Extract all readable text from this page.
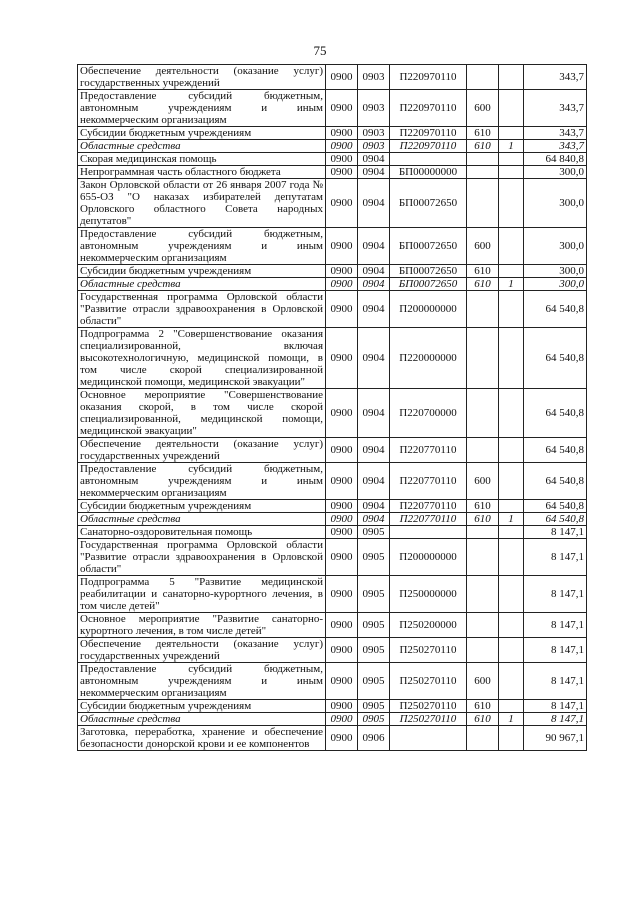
75
Обеспечение деятельности (оказание услуг) государственных учреждений	0900	0903	П220970110			343,7
Предоставление субсидий бюджетным, автономным учреждениям и иным некоммерческим организациям	0900	0903	П220970110	600		343,7
Субсидии бюджетным учреждениям	0900	0903	П220970110	610		343,7
Областные средства	0900	0903	П220970110	610	1	343,7
Скорая медицинская помощь	0900	0904				64 840,8
Непрограммная часть областного бюджета	0900	0904	БП00000000			300,0
Закон Орловской области от 26 января 2007 года № 655-ОЗ "О наказах избирателей депутатам Орловского областного Совета народных депутатов"	0900	0904	БП00072650			300,0
Предоставление субсидий бюджетным, автономным учреждениям и иным некоммерческим организациям	0900	0904	БП00072650	600		300,0
Субсидии бюджетным учреждениям	0900	0904	БП00072650	610		300,0
Областные средства	0900	0904	БП00072650	610	1	300,0
Государственная программа Орловской области "Развитие отрасли здравоохранения в Орловской области"	0900	0904	П200000000			64 540,8
Подпрограмма 2 "Совершенствование оказания специализированной, включая высокотехнологичную, медицинской помощи, в том числе скорой специализированной медицинской помощи, медицинской эвакуации"	0900	0904	П220000000			64 540,8
Основное мероприятие "Совершенствование оказания скорой, в том числе скорой специализированной, медицинской помощи, медицинской эвакуации"	0900	0904	П220700000			64 540,8
Обеспечение деятельности (оказание услуг) государственных учреждений	0900	0904	П220770110			64 540,8
Предоставление субсидий бюджетным, автономным учреждениям и иным некоммерческим организациям	0900	0904	П220770110	600		64 540,8
Субсидии бюджетным учреждениям	0900	0904	П220770110	610		64 540,8
Областные средства	0900	0904	П220770110	610	1	64 540,8
Санаторно-оздоровительная помощь	0900	0905				8 147,1
Государственная программа Орловской области "Развитие отрасли здравоохранения в Орловской области"	0900	0905	П200000000			8 147,1
Подпрограмма 5 "Развитие медицинской реабилитации и санаторно-курортного лечения, в том числе детей"	0900	0905	П250000000			8 147,1
Основное мероприятие "Развитие санаторно-курортного лечения, в том числе детей"	0900	0905	П250200000			8 147,1
Обеспечение деятельности (оказание услуг) государственных учреждений	0900	0905	П250270110			8 147,1
Предоставление субсидий бюджетным, автономным учреждениям и иным некоммерческим организациям	0900	0905	П250270110	600		8 147,1
Субсидии бюджетным учреждениям	0900	0905	П250270110	610		8 147,1
Областные средства	0900	0905	П250270110	610	1	8 147,1
Заготовка, переработка, хранение и обеспечение безопасности донорской крови и ее компонентов	0900	0906				90 967,1
